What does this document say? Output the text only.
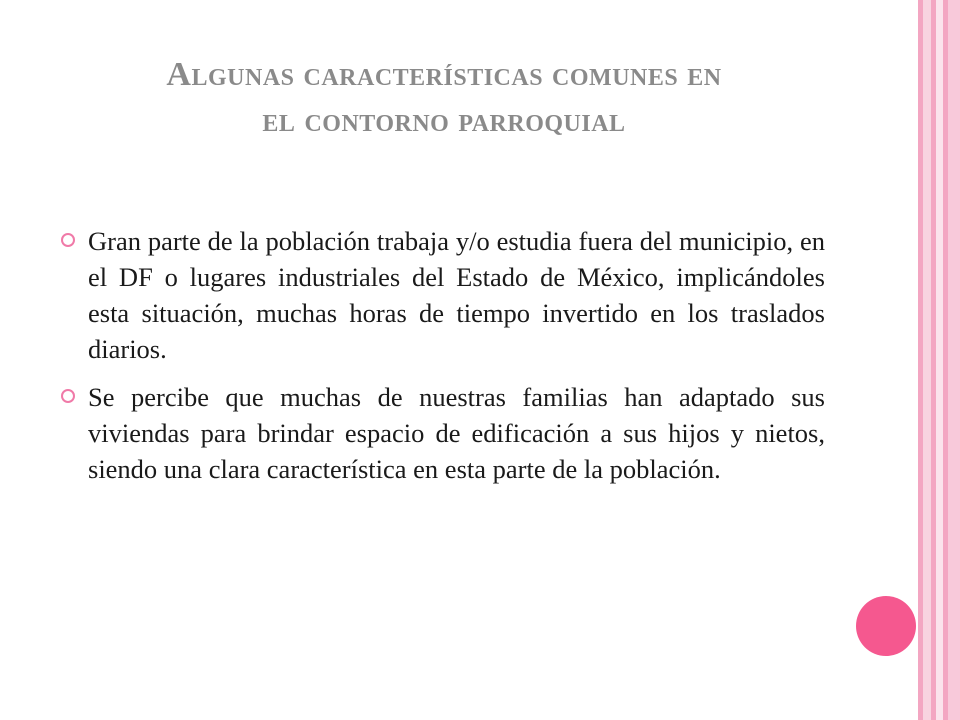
Algunas características comunes en
el contorno parroquial
Gran parte de la población trabaja y/o estudia fuera del municipio, en el DF o lugares industriales del Estado de México, implicándoles esta situación, muchas horas de tiempo invertido en los traslados diarios.
Se percibe que muchas de nuestras familias han adaptado sus viviendas para brindar espacio de edificación a sus hijos y nietos, siendo una clara característica en esta parte de la población.
